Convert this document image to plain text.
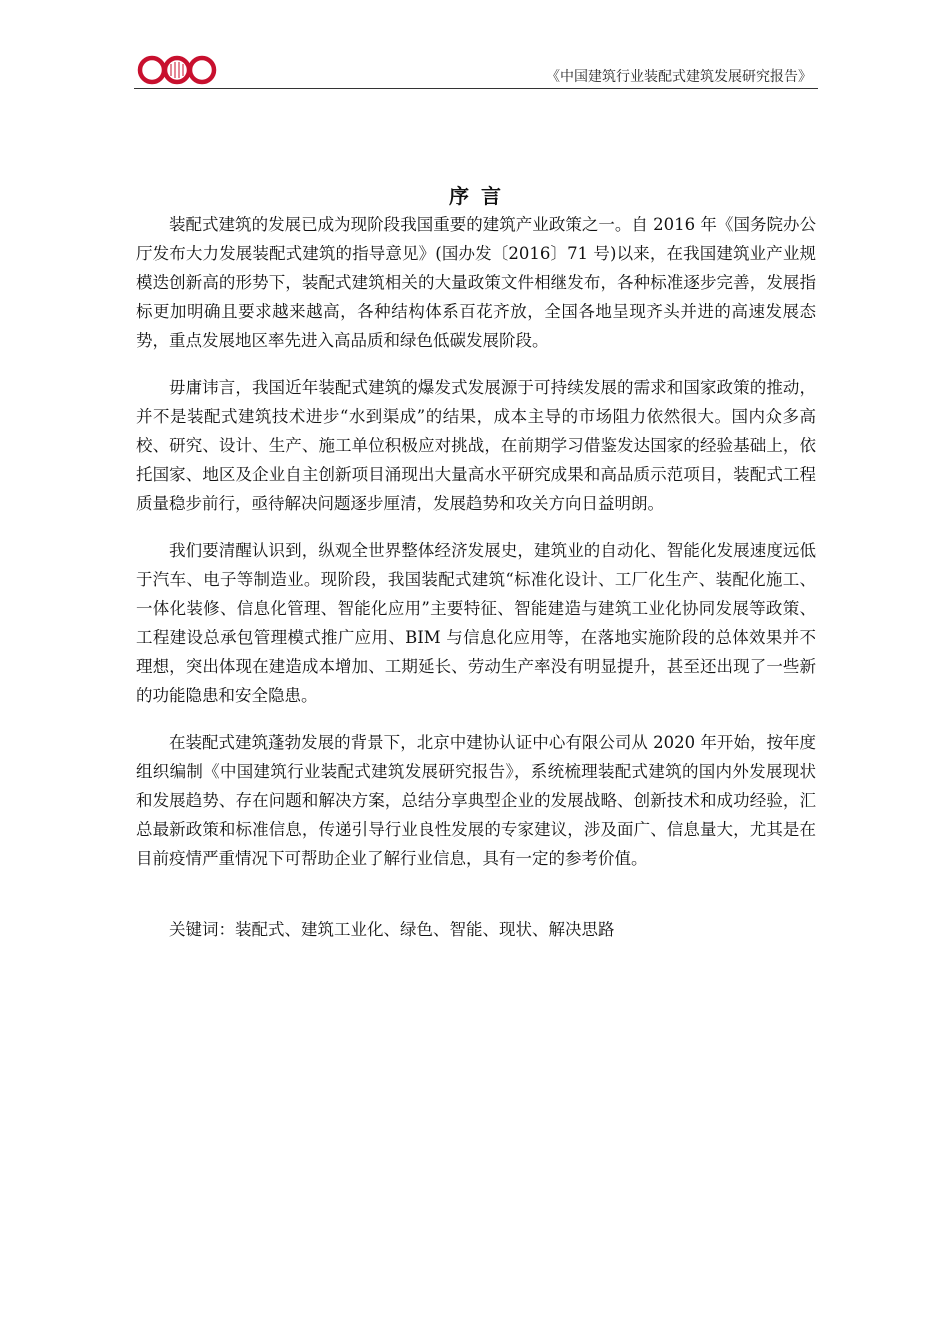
《中国建筑行业装配式建筑发展研究报告》
序言

装配式建筑的发展已成为现阶段我国重要的建筑产业政策之一。自 2016 年《国务院办公厅发布大力发展装配式建筑的指导意见》(国办发〔2016〕71 号)以来，在我国建筑业产业规模迭创新高的形势下，装配式建筑相关的大量政策文件相继发布，各种标准逐步完善，发展指标更加明确且要求越来越高，各种结构体系百花齐放，全国各地呈现齐头并进的高速发展态势，重点发展地区率先进入高品质和绿色低碳发展阶段。

毋庸讳言，我国近年装配式建筑的爆发式发展源于可持续发展的需求和国家政策的推动，并不是装配式建筑技术进步“水到渠成”的结果，成本主导的市场阻力依然很大。国内众多高校、研究、设计、生产、施工单位积极应对挑战，在前期学习借鉴发达国家的经验基础上，依托国家、地区及企业自主创新项目涌现出大量高水平研究成果和高品质示范项目，装配式工程质量稳步前行，亟待解决问题逐步厘清，发展趋势和攻关方向日益明朗。

我们要清醒认识到，纵观全世界整体经济发展史，建筑业的自动化、智能化发展速度远低于汽车、电子等制造业。现阶段，我国装配式建筑“标准化设计、工厂化生产、装配化施工、一体化装修、信息化管理、智能化应用”主要特征、智能建造与建筑工业化协同发展等政策、工程建设总承包管理模式推广应用、BIM 与信息化应用等，在落地实施阶段的总体效果并不理想，突出体现在建造成本增加、工期延长、劳动生产率没有明显提升，甚至还出现了一些新的功能隐患和安全隐患。

在装配式建筑蓬勃发展的背景下，北京中建协认证中心有限公司从 2020 年开始，按年度组织编制《中国建筑行业装配式建筑发展研究报告》，系统梳理装配式建筑的国内外发展现状和发展趋势、存在问题和解决方案，总结分享典型企业的发展战略、创新技术和成功经验，汇总最新政策和标准信息，传递引导行业良性发展的专家建议，涉及面广、信息量大，尤其是在目前疫情严重情况下可帮助企业了解行业信息，具有一定的参考价值。

关键词：装配式、建筑工业化、绿色、智能、现状、解决思路
